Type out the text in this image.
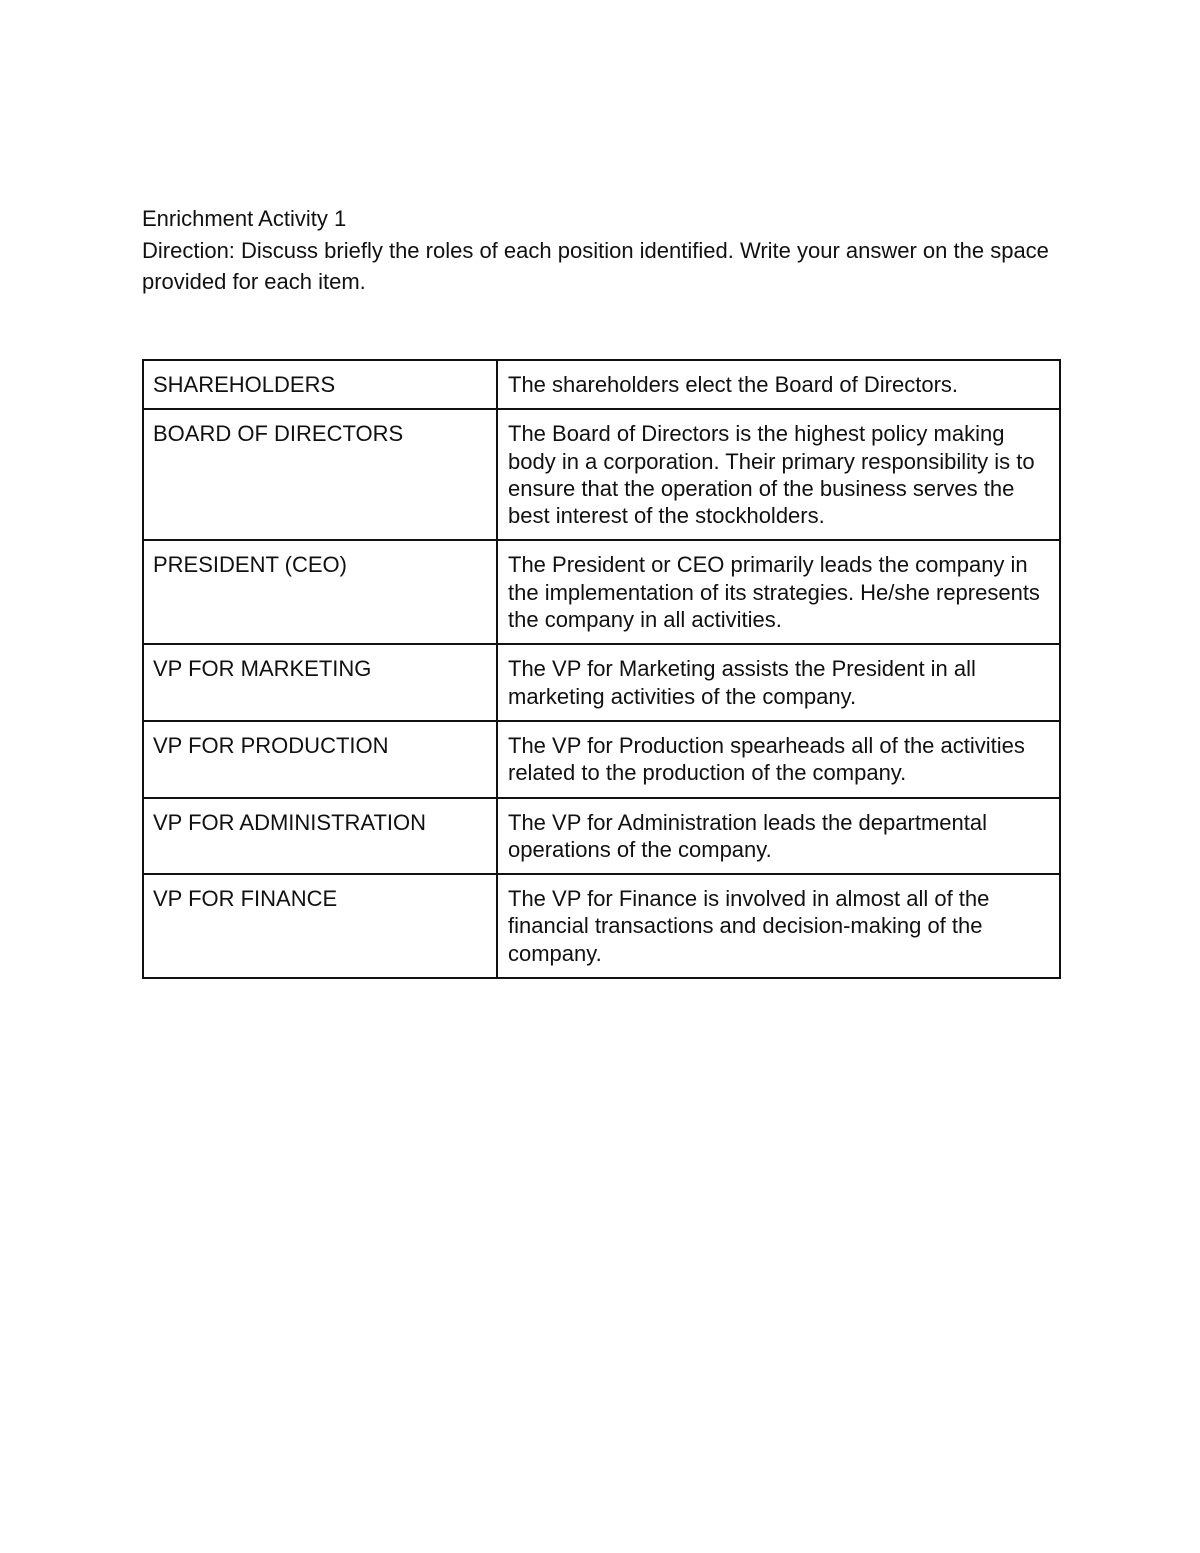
Enrichment Activity 1

Direction: Discuss briefly the roles of each position identified. Write your answer on the space provided for each item.

SHAREHOLDERS	The shareholders elect the Board of Directors.
BOARD OF DIRECTORS	The Board of Directors is the highest policy making body in a corporation. Their primary responsibility is to ensure that the operation of the business serves the best interest of the stockholders.
PRESIDENT (CEO)	The President or CEO primarily leads the company in the implementation of its strategies. He/she represents the company in all activities.
VP FOR MARKETING	The VP for Marketing assists the President in all marketing activities of the company.
VP FOR PRODUCTION	The VP for Production spearheads all of the activities related to the production of the company.
VP FOR ADMINISTRATION	The VP for Administration leads the departmental operations of the company.
VP FOR FINANCE	The VP for Finance is involved in almost all of the financial transactions and decision-making of the company.
